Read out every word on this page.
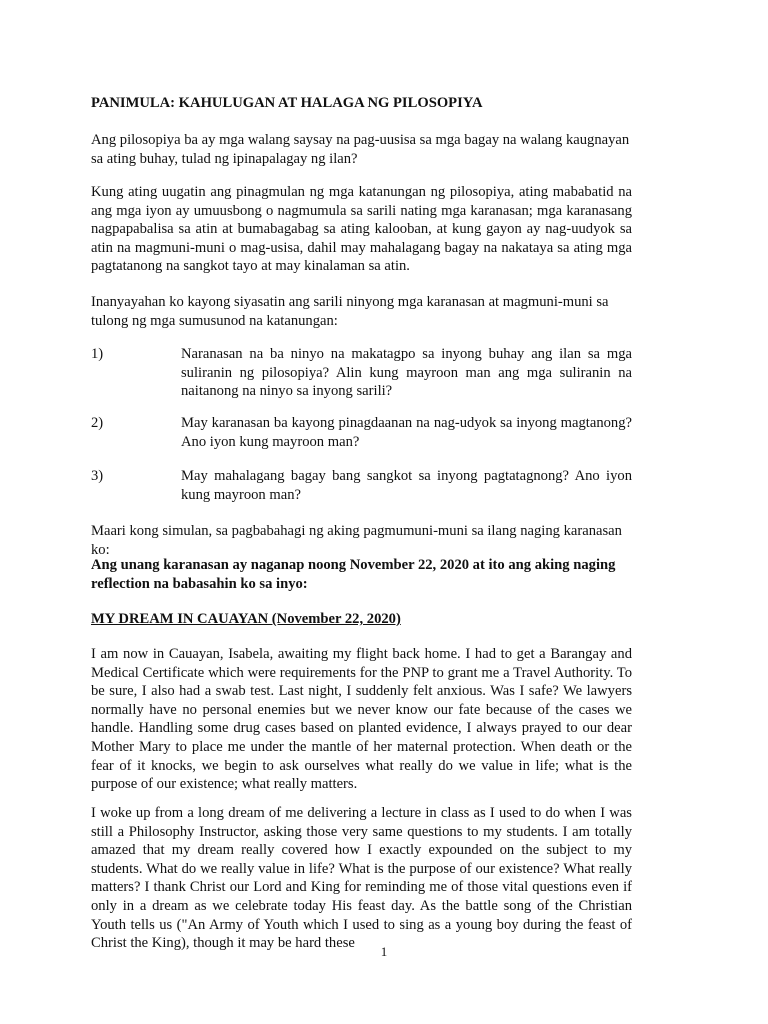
PANIMULA: KAHULUGAN AT HALAGA NG PILOSOPIYA

Ang pilosopiya ba ay mga walang saysay na pag-uusisa sa mga bagay na walang kaugnayan sa ating buhay, tulad ng ipinapalagay ng ilan?

Kung ating uugatin ang pinagmulan ng mga katanungan ng pilosopiya, ating mababatid na ang mga iyon ay umuusbong o nagmumula sa sarili nating mga karanasan; mga karanasang nagpapabalisa sa atin at bumabagabag sa ating kalooban, at kung gayon ay nag-uudyok sa atin na magmuni-muni o mag-usisa, dahil may mahalagang bagay na nakataya sa ating mga pagtatanong na sangkot tayo at may kinalaman sa atin.

Inanyayahan ko kayong siyasatin ang sarili ninyong mga karanasan at magmuni-muni sa tulong ng mga sumusunod na katanungan:

1)	Naranasan na ba ninyo na makatagpo sa inyong buhay ang ilan sa mga suliranin ng pilosopiya? Alin kung mayroon man ang mga suliranin na naitanong na ninyo sa inyong sarili?
2)	May karanasan ba kayong pinagdaanan na nag-udyok sa inyong magtanong? Ano iyon kung mayroon man?
3)	May mahalagang bagay bang sangkot sa inyong pagtatagnong? Ano iyon kung mayroon man?

Maari kong simulan, sa pagbabahagi ng aking pagmumuni-muni sa ilang naging karanasan ko:

Ang unang karanasan ay naganap noong November 22, 2020 at ito ang aking naging reflection na babasahin ko sa inyo:

MY DREAM IN CAUAYAN (November 22, 2020)

I am now in Cauayan, Isabela, awaiting my flight back home. I had to get a Barangay and Medical Certificate which were requirements for the PNP to grant me a Travel Authority. To be sure, I also had a swab test. Last night, I suddenly felt anxious. Was I safe? We lawyers normally have no personal enemies but we never know our fate because of the cases we handle. Handling some drug cases based on planted evidence, I always prayed to our dear Mother Mary to place me under the mantle of her maternal protection. When death or the fear of it knocks, we begin to ask ourselves what really do we value in life; what is the purpose of our existence; what really matters.

I woke up from a long dream of me delivering a lecture in class as I used to do when I was still a Philosophy Instructor, asking those very same questions to my students. I am totally amazed that my dream really covered how I exactly expounded on the subject to my students. What do we really value in life? What is the purpose of our existence? What really matters? I thank Christ our Lord and King for reminding me of those vital questions even if only in a dream as we celebrate today His feast day. As the battle song of the Christian Youth tells us ("An Army of Youth which I used to sing as a young boy during the feast of Christ the King), though it may be hard these

1
